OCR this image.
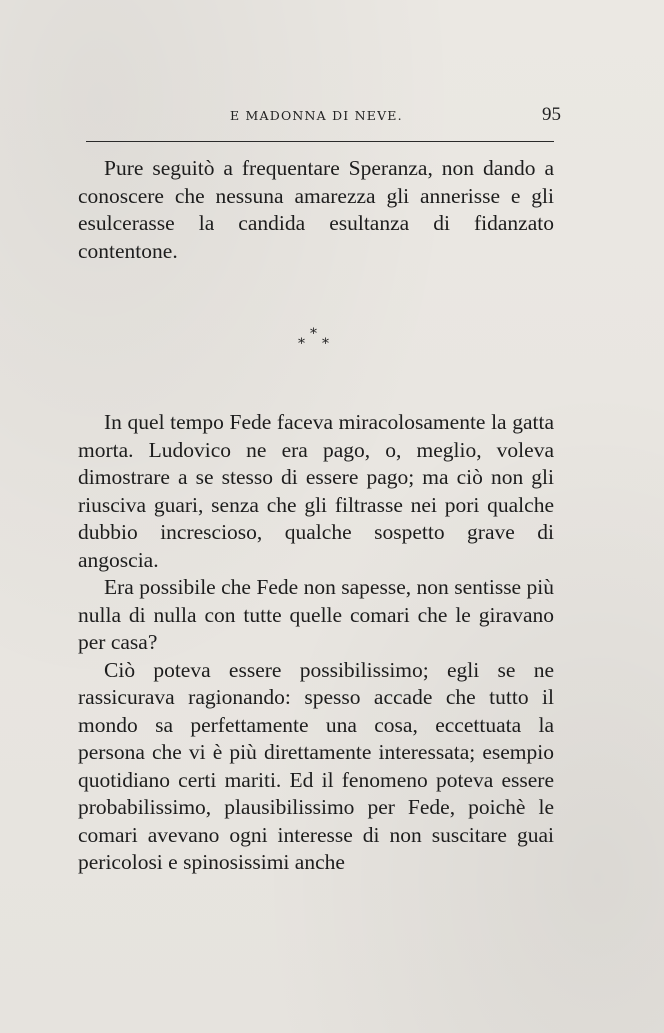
E MADONNA DI NEVE.	95

Pure seguitò a frequentare Speranza, non dando a conoscere che nessuna amarezza gli annerisse e gli esulcerasse la candida esultanza di fidanzato contentone.

*
* *

In quel tempo Fede faceva miracolosamente la gatta morta. Ludovico ne era pago, o, meglio, voleva dimostrare a se stesso di essere pago; ma ciò non gli riusciva guari, senza che gli filtrasse nei pori qualche dubbio increscioso, qualche sospetto grave di angoscia.

Era possibile che Fede non sapesse, non sentisse più nulla di nulla con tutte quelle comari che le giravano per casa?

Ciò poteva essere possibilissimo; egli se ne rassicurava ragionando: spesso accade che tutto il mondo sa perfettamente una cosa, eccettuata la persona che vi è più direttamente interessata; esempio quotidiano certi mariti. Ed il fenomeno poteva essere probabilissimo, plausibilissimo per Fede, poichè le comari avevano ogni interesse di non suscitare guai pericolosi e spinosissimi anche
